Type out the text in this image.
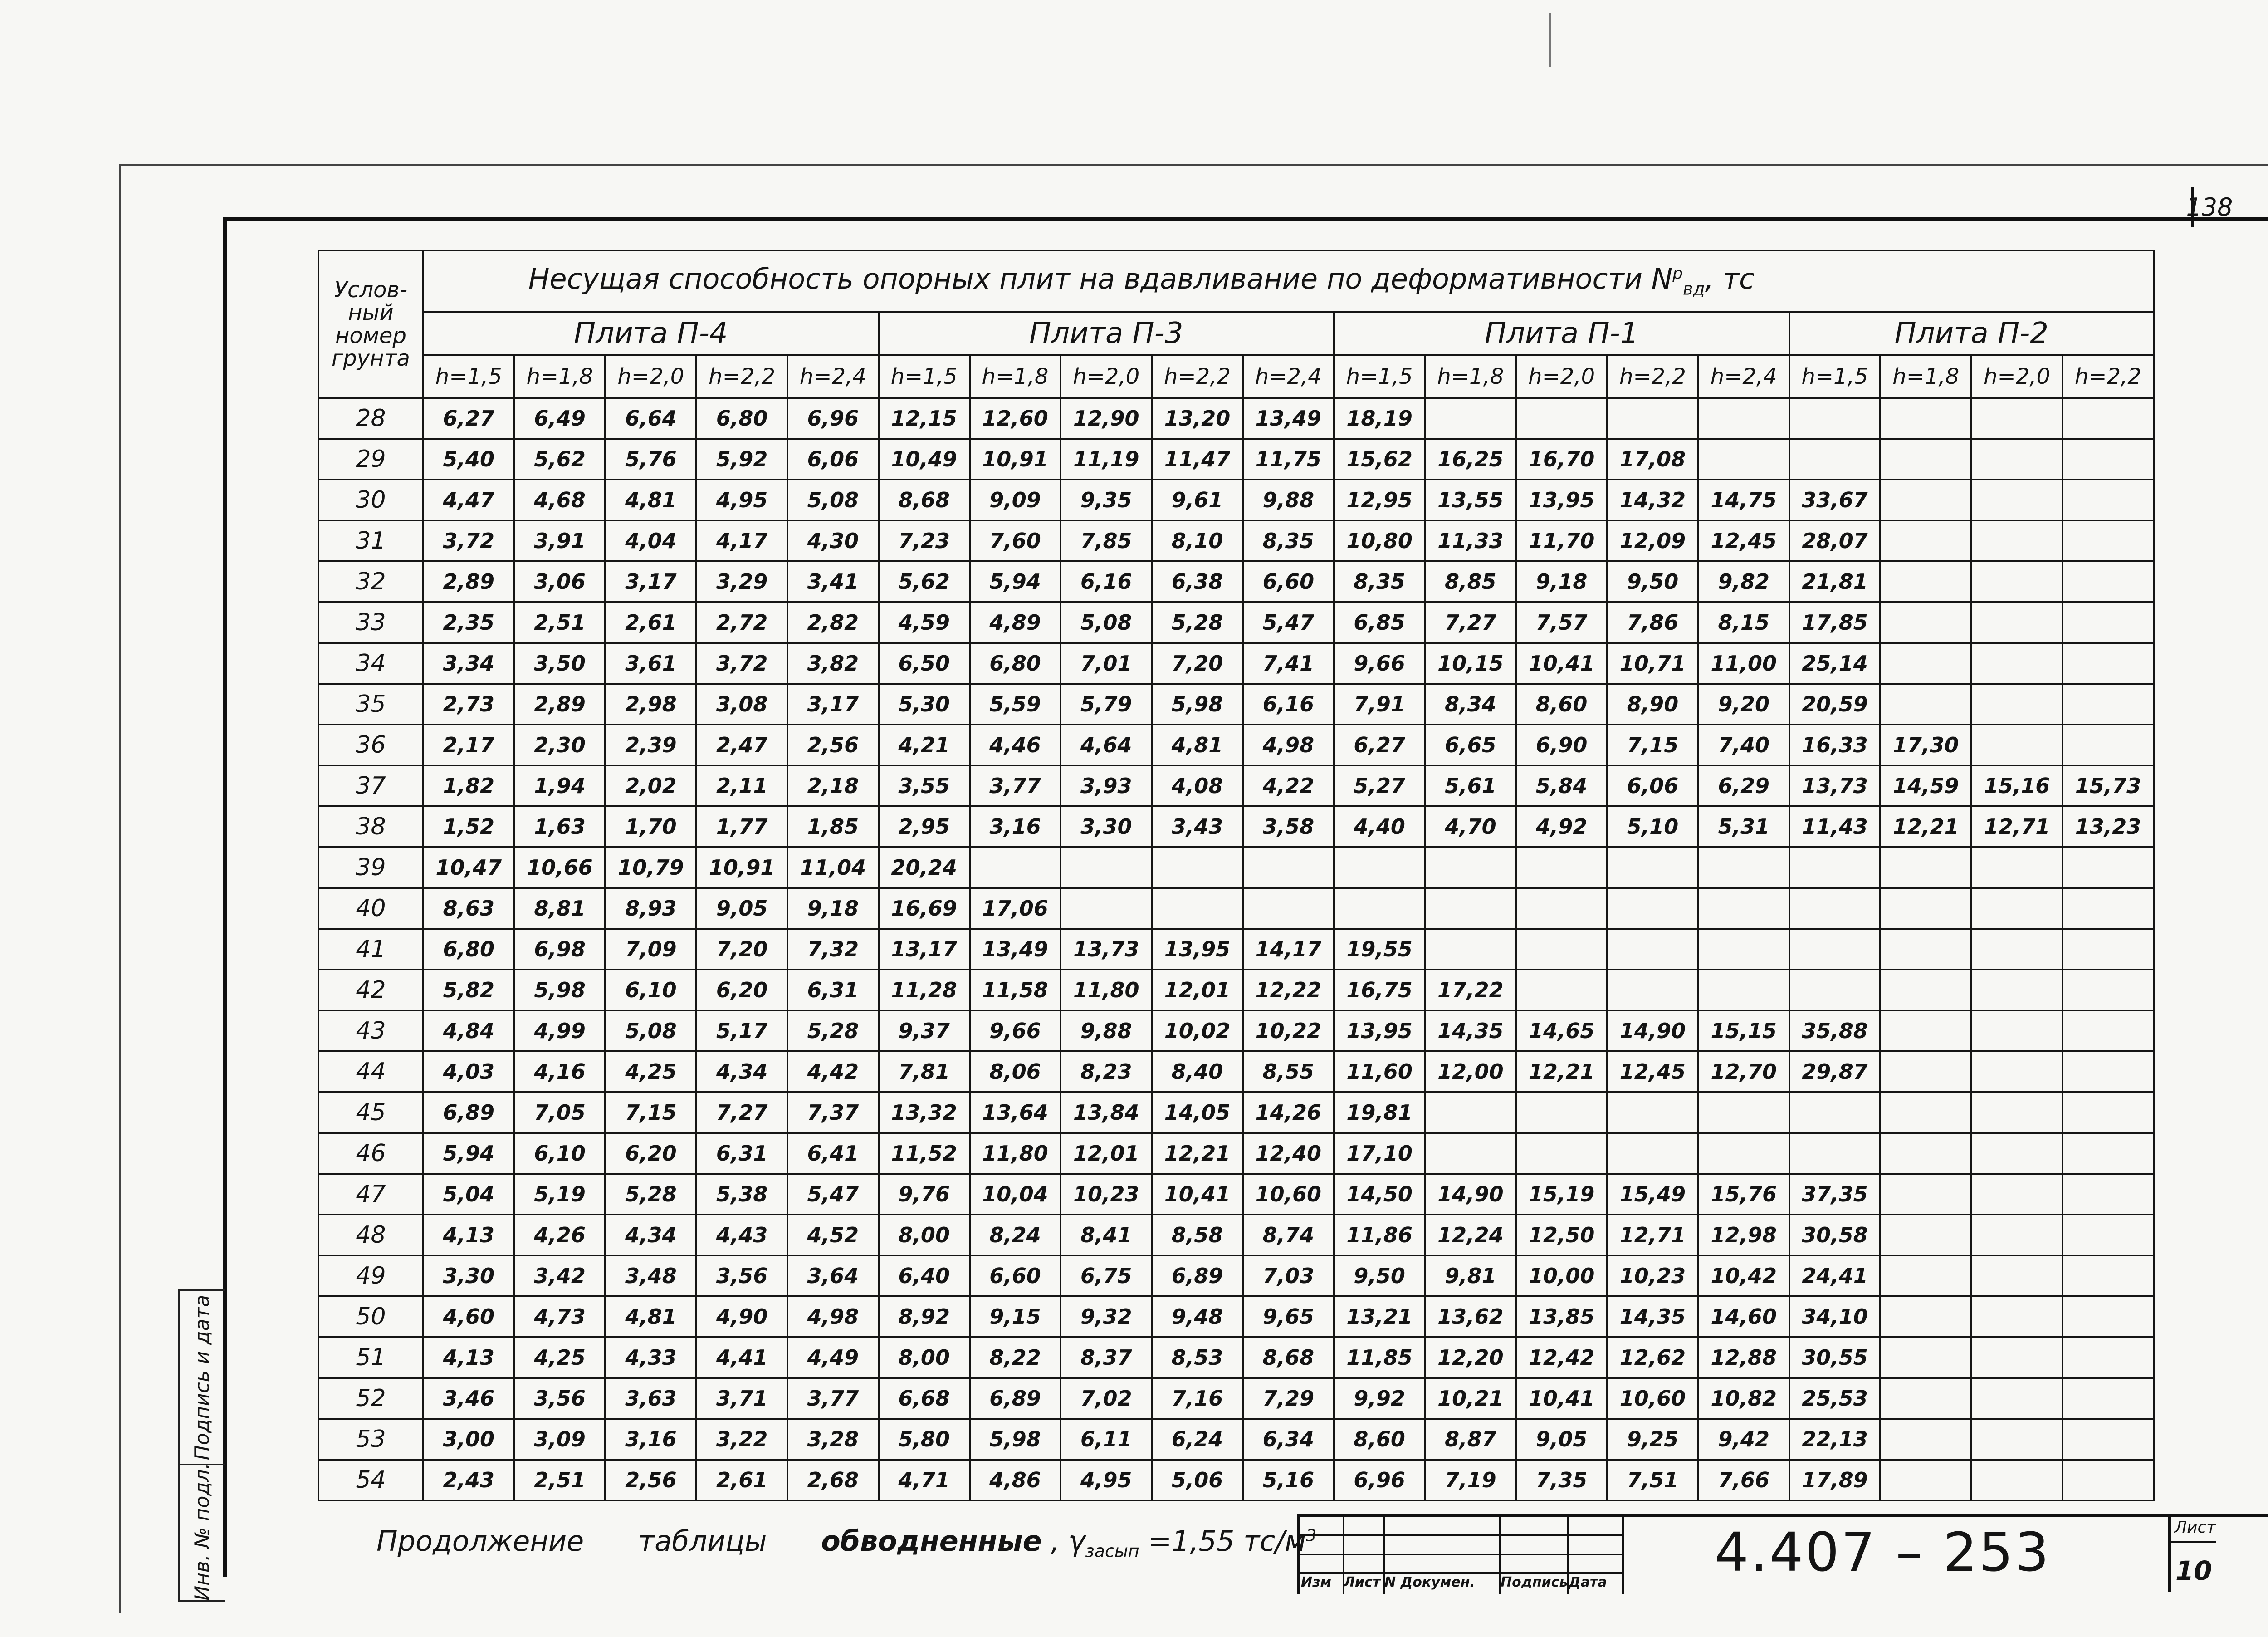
138
Услов-ный номер грунта	Несущая способность опорных плит на вдавливание по деформативности $N^р_{вд}$, тс																		
	Плита П-4					Плита П-3					Плита П-1					Плита П-2			
	h=1,5	h=1,8	h=2,0	h=2,2	h=2,4	h=1,5	h=1,8	h=2,0	h=2,2	h=2,4	h=1,5	h=1,8	h=2,0	h=2,2	h=2,4	h=1,5	h=1,8	h=2,0	h=2,2
28	6,27	6,49	6,64	6,80	6,96	12,15	12,60	12,90	13,20	13,49	18,19								
29	5,40	5,62	5,76	5,92	6,06	10,49	10,91	11,19	11,47	11,75	15,62	16,25	16,70	17,08					
30	4,47	4,68	4,81	4,95	5,08	8,68	9,09	9,35	9,61	9,88	12,95	13,55	13,95	14,32	14,75	33,67			
31	3,72	3,91	4,04	4,17	4,30	7,23	7,60	7,85	8,10	8,35	10,80	11,33	11,70	12,09	12,45	28,07			
32	2,89	3,06	3,17	3,29	3,41	5,62	5,94	6,16	6,38	6,60	8,35	8,85	9,18	9,50	9,82	21,81			
33	2,35	2,51	2,61	2,72	2,82	4,59	4,89	5,08	5,28	5,47	6,85	7,27	7,57	7,86	8,15	17,85			
34	3,34	3,50	3,61	3,72	3,82	6,50	6,80	7,01	7,20	7,41	9,66	10,15	10,41	10,71	11,00	25,14			
35	2,73	2,89	2,98	3,08	3,17	5,30	5,59	5,79	5,98	6,16	7,91	8,34	8,60	8,90	9,20	20,59			
36	2,17	2,30	2,39	2,47	2,56	4,21	4,46	4,64	4,81	4,98	6,27	6,65	6,90	7,15	7,40	16,33	17,30		
37	1,82	1,94	2,02	2,11	2,18	3,55	3,77	3,93	4,08	4,22	5,27	5,61	5,84	6,06	6,29	13,73	14,59	15,16	15,73
38	1,52	1,63	1,70	1,77	1,85	2,95	3,16	3,30	3,43	3,58	4,40	4,70	4,92	5,10	5,31	11,43	12,21	12,71	13,23
39	10,47	10,66	10,79	10,91	11,04	20,24													
40	8,63	8,81	8,93	9,05	9,18	16,69	17,06												
41	6,80	6,98	7,09	7,20	7,32	13,17	13,49	13,73	13,95	14,17	19,55								
42	5,82	5,98	6,10	6,20	6,31	11,28	11,58	11,80	12,01	12,22	16,75	17,22							
43	4,84	4,99	5,08	5,17	5,28	9,37	9,66	9,88	10,02	10,22	13,95	14,35	14,65	14,90	15,15	35,88			
44	4,03	4,16	4,25	4,34	4,42	7,81	8,06	8,23	8,40	8,55	11,60	12,00	12,21	12,45	12,70	29,87			
45	6,89	7,05	7,15	7,27	7,37	13,32	13,64	13,84	14,05	14,26	19,81								
46	5,94	6,10	6,20	6,31	6,41	11,52	11,80	12,01	12,21	12,40	17,10								
47	5,04	5,19	5,28	5,38	5,47	9,76	10,04	10,23	10,41	10,60	14,50	14,90	15,19	15,49	15,76	37,35			
48	4,13	4,26	4,34	4,43	4,52	8,00	8,24	8,41	8,58	8,74	11,86	12,24	12,50	12,71	12,98	30,58			
49	3,30	3,42	3,48	3,56	3,64	6,40	6,60	6,75	6,89	7,03	9,50	9,81	10,00	10,23	10,42	24,41			
50	4,60	4,73	4,81	4,90	4,98	8,92	9,15	9,32	9,48	9,65	13,21	13,62	13,85	14,35	14,60	34,10			
51	4,13	4,25	4,33	4,41	4,49	8,00	8,22	8,37	8,53	8,68	11,85	12,20	12,42	12,62	12,88	30,55			
52	3,46	3,56	3,63	3,71	3,77	6,68	6,89	7,02	7,16	7,29	9,92	10,21	10,41	10,60	10,82	25,53			
53	3,00	3,09	3,16	3,22	3,28	5,80	5,98	6,11	6,24	6,34	8,60	8,87	9,05	9,25	9,42	22,13			
54	2,43	2,51	2,56	2,61	2,68	4,71	4,86	4,95	5,06	5,16	6,96	7,19	7,35	7,51	7,66	17,89			
Подпись и дата
Инв. № подл.	Продолжение таблицы обводненные , $\gamma_{засып} =1,55$ $тс/м^3$
Изм Лист N Докумен. Подпись Дата 4.407 – 253	Лист
10
